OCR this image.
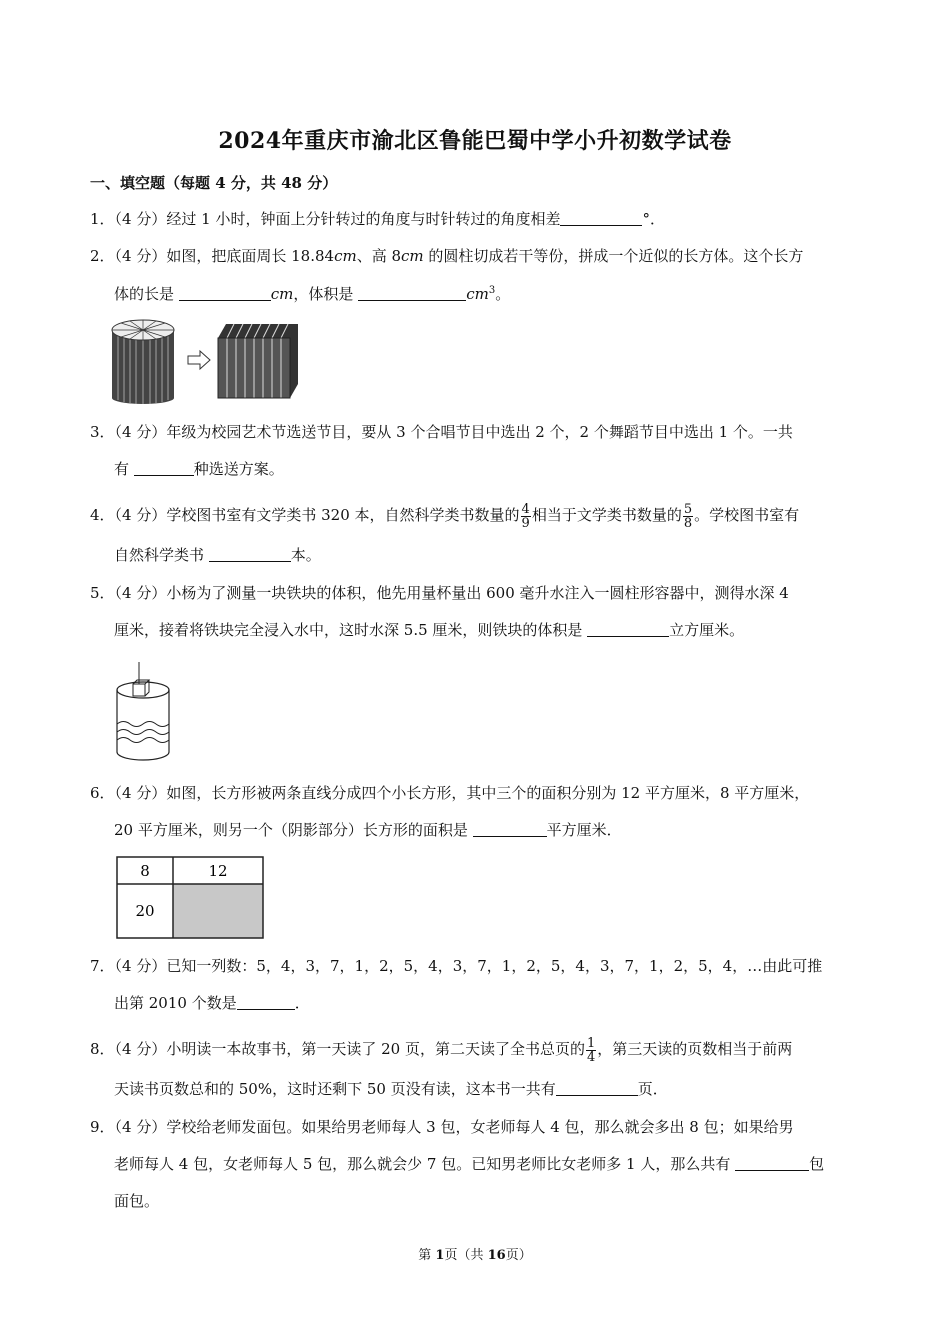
2024年重庆市渝北区鲁能巴蜀中学小升初数学试卷
一、填空题（每题 4 分，共 48 分）
1．（4 分）经过 1 小时，钟面上分针转过的角度与时针转过的角度相差	°．
2．（4 分）如图，把底面周长 18.84cm、高 8cm 的圆柱切成若干等份，拼成一个近似的长方体。这个长方
体的长是	cm，体积是	$cm^3$。
3．（4 分）年级为校园艺术节选送节目，要从 3 个合唱节目中选出 2 个，2 个舞蹈节目中选出 1 个。一共
有	种选送方案。
4．（4 分）学校图书室有文学类书 320 本，自然科学类书数量的 $\frac{4}{9}$ 相当于文学类书数量的 $\frac{5}{8}$ 。学校图书室有
自然科学类书	本。
5．（4 分）小杨为了测量一块铁块的体积，他先用量杯量出 600 毫升水注入一圆柱形容器中，测得水深 4
厘米，接着将铁块完全浸入水中，这时水深 5.5 厘米，则铁块的体积是	立方厘米。
6．（4 分）如图，长方形被两条直线分成四个小长方形，其中三个的面积分别为 12 平方厘米，8 平方厘米，
20 平方厘米，则另一个（阴影部分）长方形的面积是	平方厘米．
8	12
20
7．（4 分）已知一列数：5，4，3，7，1，2，5，4，3，7，1，2，5，4，3，7，1，2，5，4，…由此可推
出第 2010 个数是	．
8．（4 分）小明读一本故事书，第一天读了 20 页，第二天读了全书总页的 $\frac{1}{4}$ ，第三天读的页数相当于前两
天读书页数总和的 50%，这时还剩下 50 页没有读，这本书一共有	页．
9．（4 分）学校给老师发面包。如果给男老师每人 3 包，女老师每人 4 包，那么就会多出 8 包；如果给男
老师每人 4 包，女老师每人 5 包，那么就会少 7 包。已知男老师比女老师多 1 人，那么共有	包
面包。
第 1页（共 16页）
